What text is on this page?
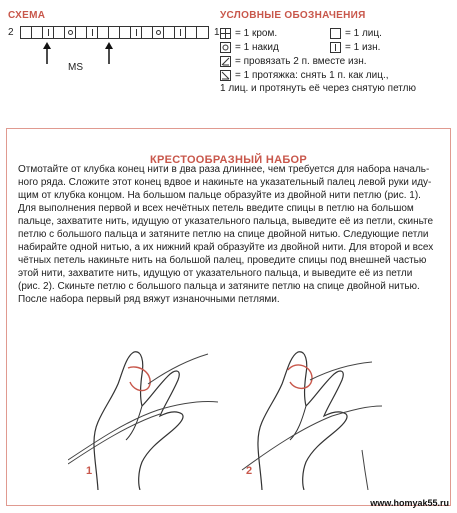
СХЕМА
2	1
MS
УСЛОВНЫЕ ОБОЗНАЧЕНИЯ
= 1 кром.	= 1 лиц.
= 1 накид	= 1 изн.
= провязать 2 п. вместе изн.
= 1 протяжка: снять 1 п. как лиц.,
1 лиц. и протянуть её через снятую петлю
КРЕСТООБРАЗНЫЙ НАБОР
Отмотайте от клубка конец нити в два раза длиннее, чем требуется для набора началь-
ного ряда. Сложите этот конец вдвое и накиньте на указательный палец левой руки иду-
щим от клубка концом. На большом пальце образуйте из двойной нити петлю (рис. 1).
Для выполнения первой и всех нечётных петель введите спицы в петлю на большом
пальце, захватите нить, идущую от указательного пальца, выведите её из петли, скиньте
петлю с большого пальца и затяните петлю на спице двойной нитью. Следующие петли
набирайте одной нитью, а их нижний край образуйте из двойной нити. Для второй и всех
чётных петель накиньте нить на большой палец, проведите спицы под внешней частью
этой нити, захватите нить, идущую от указательного пальца, и выведите её из петли
(рис. 2). Скиньте петлю с большого пальца и затяните петлю на спице двойной нитью.
После набора первый ряд вяжут изнаночными петлями.
1	2
www.homyak55.ru
